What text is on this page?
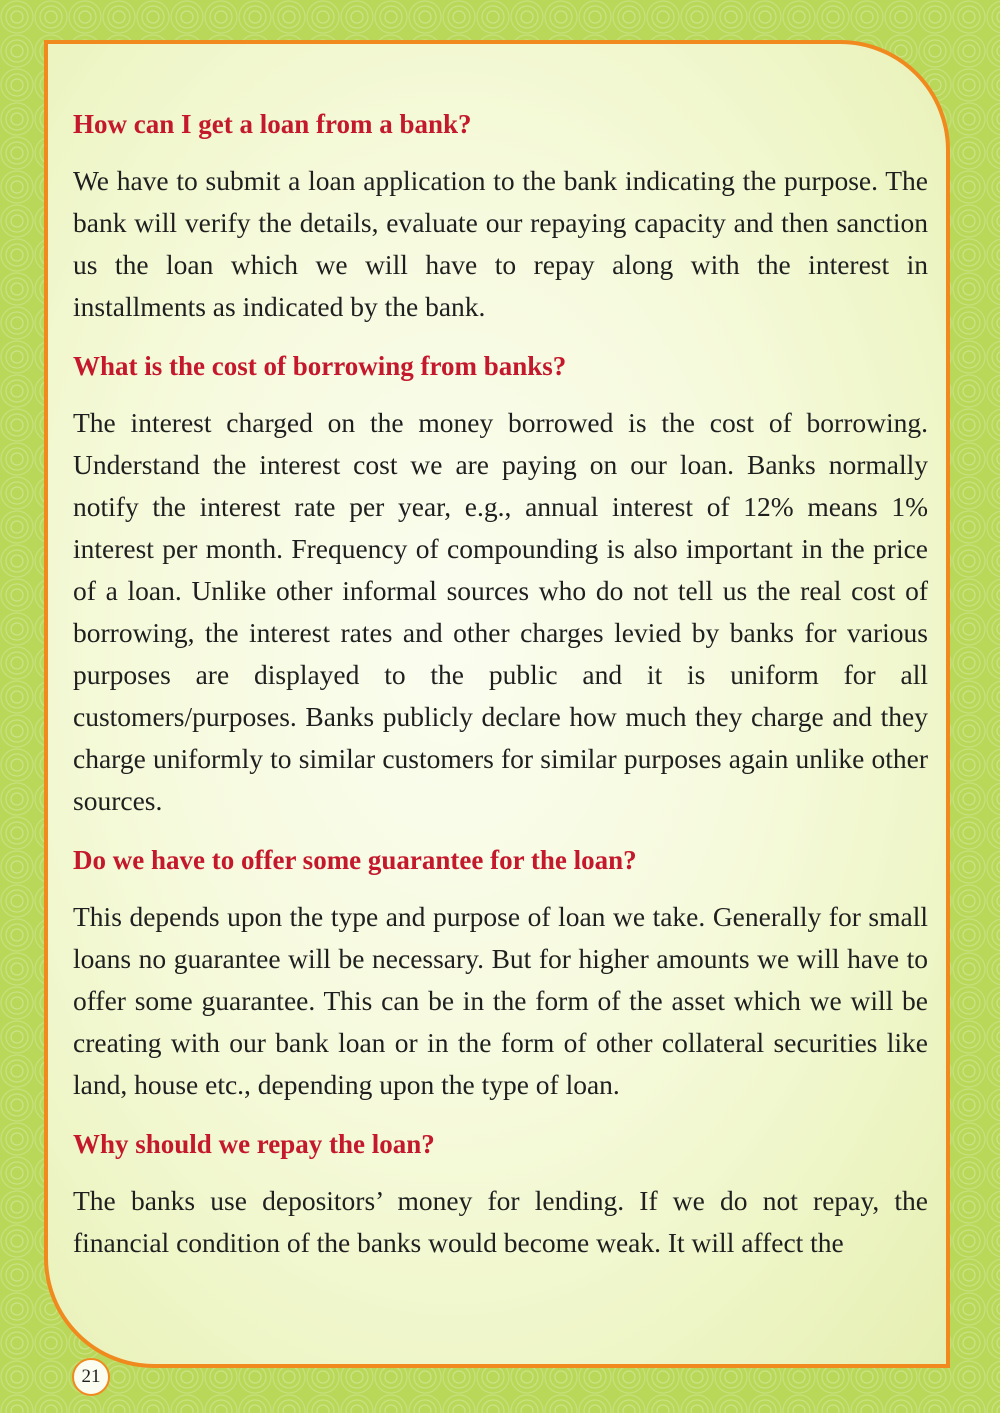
How can I get a loan from a bank?

We have to submit a loan application to the bank indicating the purpose. The bank will verify the details, evaluate our repaying capacity and then sanction us the loan which we will have to repay along with the interest in installments as indicated by the bank.

What is the cost of borrowing from banks?

The interest charged on the money borrowed is the cost of borrowing. Understand the interest cost we are paying on our loan. Banks normally notify the interest rate per year, e.g., annual interest of 12% means 1% interest per month. Frequency of compounding is also important in the price of a loan. Unlike other informal sources who do not tell us the real cost of borrowing, the interest rates and other charges levied by banks for various purposes are displayed to the public and it is uniform for all customers/purposes. Banks publicly declare how much they charge and they charge uniformly to similar customers for similar purposes again unlike other sources.

Do we have to offer some guarantee for the loan?

This depends upon the type and purpose of loan we take. Generally for small loans no guarantee will be necessary. But for higher amounts we will have to offer some guarantee. This can be in the form of the asset which we will be creating with our bank loan or in the form of other collateral securities like land, house etc., depending upon the type of loan.

Why should we repay the loan?

The banks use depositors’ money for lending. If we do not repay, the financial condition of the banks would become weak. It will affect the

21
